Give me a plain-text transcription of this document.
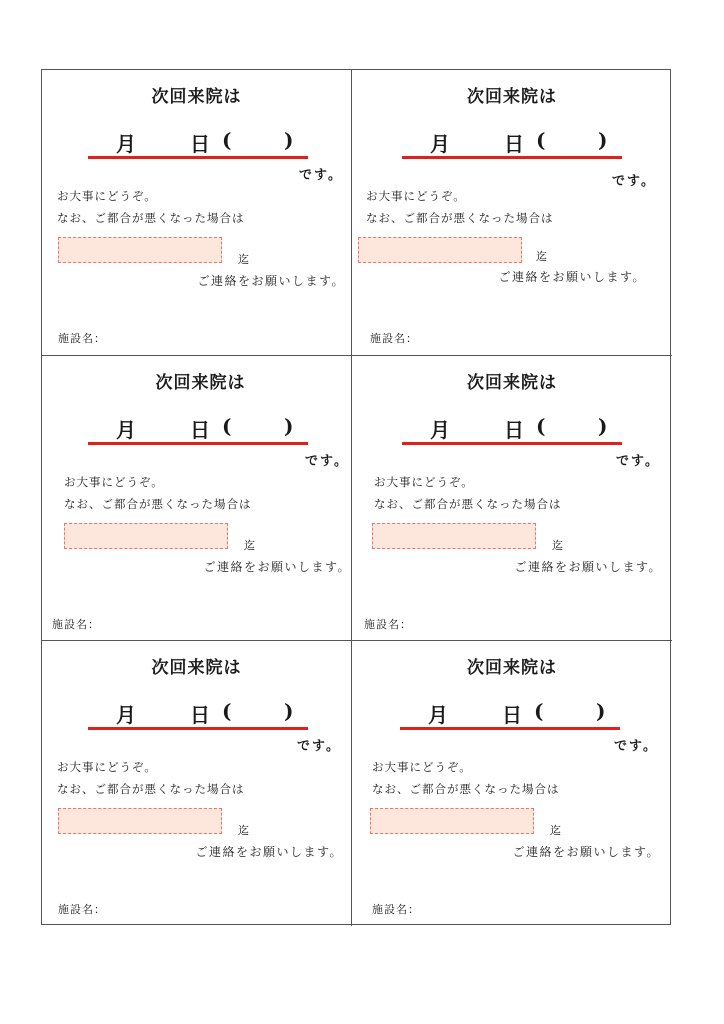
次回来院は
月	日 (	)
です。
お大事にどうぞ。
なお、ご都合が悪くなった場合は
迄
ご連絡をお願いします。
施設名：
次回来院は
月	日 (	)
です。
お大事にどうぞ。
なお、ご都合が悪くなった場合は
迄
ご連絡をお願いします。
施設名：
次回来院は
月	日 (	)
です。
お大事にどうぞ。
なお、ご都合が悪くなった場合は
迄
ご連絡をお願いします。
施設名：
次回来院は
月	日 (	)
です。
お大事にどうぞ。
なお、ご都合が悪くなった場合は
迄
ご連絡をお願いします。
施設名：
次回来院は
月	日 (	)
です。
お大事にどうぞ。
なお、ご都合が悪くなった場合は
迄
ご連絡をお願いします。
施設名：
次回来院は
月	日 (	)
です。
お大事にどうぞ。
なお、ご都合が悪くなった場合は
迄
ご連絡をお願いします。
施設名：
